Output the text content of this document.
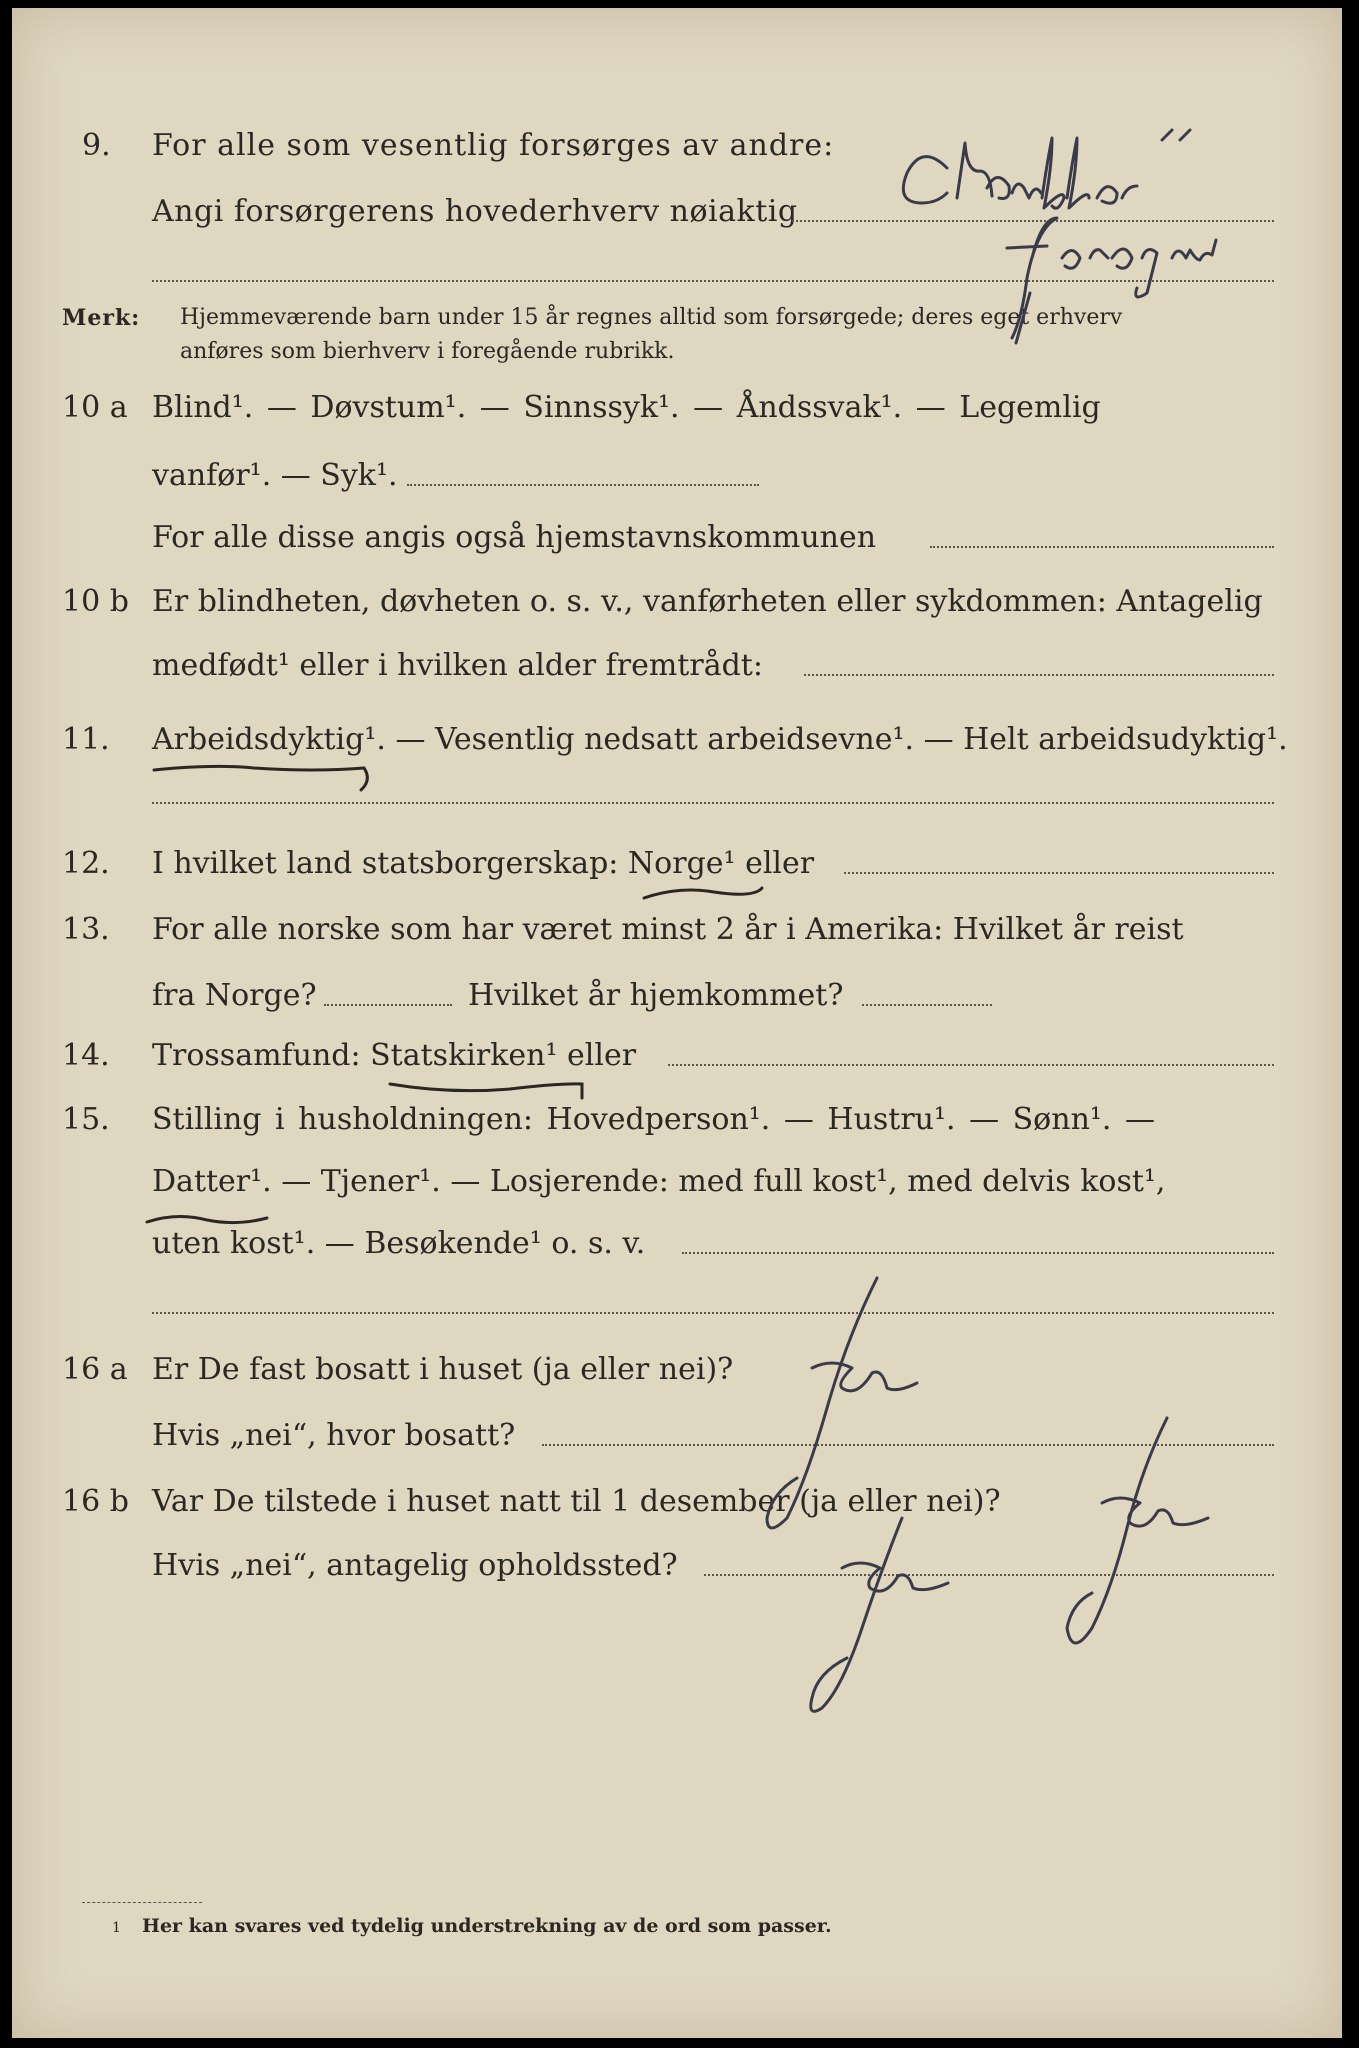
9. For alle som vesentlig forsørges av andre:
Angi forsørgerens hovederhverv nøiaktig
Merk: Hjemmeværende barn under 15 år regnes alltid som forsørgede; deres eget erhverv
anføres som bierhverv i foregående rubrikk.
10 a Blind¹. — Døvstum¹. — Sinnssyk¹. — Åndssvak¹. — Legemlig
vanfør¹. — Syk¹.
For alle disse angis også hjemstavnskommunen
10 b Er blindheten, døvheten o. s. v., vanførheten eller sykdommen: Antagelig
medfødt¹ eller i hvilken alder fremtrådt:
11. Arbeidsdyktig¹. — Vesentlig nedsatt arbeidsevne¹. — Helt arbeidsudyktig¹.
12. I hvilket land statsborgerskap: Norge¹ eller
13. For alle norske som har været minst 2 år i Amerika: Hvilket år reist
fra Norge?	Hvilket år hjemkommet?
14. Trossamfund: Statskirken¹ eller
15. Stilling i husholdningen: Hovedperson¹. — Hustru¹. — Sønn¹. —
Datter¹. — Tjener¹. — Losjerende: med full kost¹, med delvis kost¹,
uten kost¹. — Besøkende¹ o. s. v.
16 a Er De fast bosatt i huset (ja eller nei)?
Hvis „nei“, hvor bosatt?
16 b Var De tilstede i huset natt til 1 desember (ja eller nei)?
Hvis „nei“, antagelig opholdssted?
1 Her kan svares ved tydelig understrekning av de ord som passer.
